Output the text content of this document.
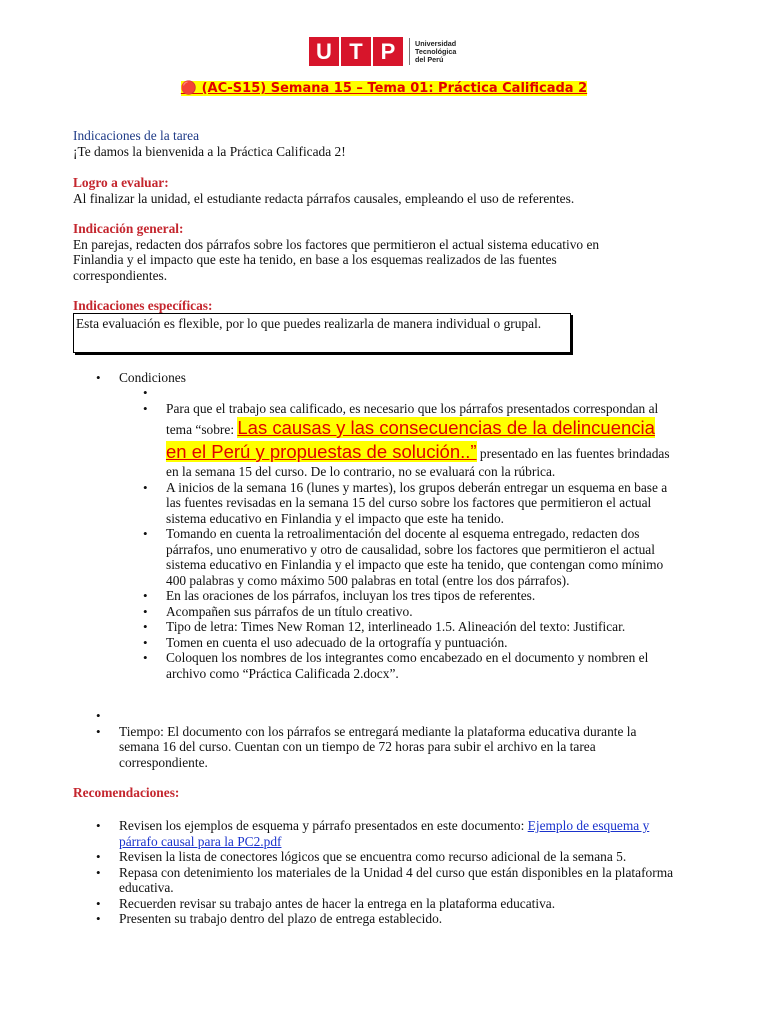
U T P	Universidad
Tecnológica
del Perú
🔴 (AC-S15) Semana 15 – Tema 01: Práctica Calificada 2
Indicaciones de la tarea
¡Te damos la bienvenida a la Práctica Calificada 2!
Logro a evaluar:
Al finalizar la unidad, el estudiante redacta párrafos causales, empleando el uso de referentes.
Indicación general:
En parejas, redacten dos párrafos sobre los factores que permitieron el actual sistema educativo en Finlandia y el impacto que este ha tenido, en base a los esquemas realizados de las fuentes correspondientes.
Indicaciones específicas:
Esta evaluación es flexible, por lo que puedes realizarla de manera individual o grupal.
• Condiciones
•
• Para que el trabajo sea calificado, es necesario que los párrafos presentados correspondan al tema “sobre: Las causas y las consecuencias de la delincuencia en el Perú y propuestas de solución..” presentado en las fuentes brindadas en la semana 15 del curso. De lo contrario, no se evaluará con la rúbrica.
• A inicios de la semana 16 (lunes y martes), los grupos deberán entregar un esquema en base a las fuentes revisadas en la semana 15 del curso sobre los factores que permitieron el actual sistema educativo en Finlandia y el impacto que este ha tenido.
• Tomando en cuenta la retroalimentación del docente al esquema entregado, redacten dos párrafos, uno enumerativo y otro de causalidad, sobre los factores que permitieron el actual sistema educativo en Finlandia y el impacto que este ha tenido, que contengan como mínimo 400 palabras y como máximo 500 palabras en total (entre los dos párrafos).
• En las oraciones de los párrafos, incluyan los tres tipos de referentes.
• Acompañen sus párrafos de un título creativo.
• Tipo de letra: Times New Roman 12, interlineado 1.5. Alineación del texto: Justificar.
• Tomen en cuenta el uso adecuado de la ortografía y puntuación.
• Coloquen los nombres de los integrantes como encabezado en el documento y nombren el archivo como “Práctica Calificada 2.docx”.
•
• Tiempo: El documento con los párrafos se entregará mediante la plataforma educativa durante la semana 16 del curso. Cuentan con un tiempo de 72 horas para subir el archivo en la tarea correspondiente.
Recomendaciones:
• Revisen los ejemplos de esquema y párrafo presentados en este documento: Ejemplo de esquema y párrafo causal para la PC2.pdf
• Revisen la lista de conectores lógicos que se encuentra como recurso adicional de la semana 5.
• Repasa con detenimiento los materiales de la Unidad 4 del curso que están disponibles en la plataforma educativa.
• Recuerden revisar su trabajo antes de hacer la entrega en la plataforma educativa.
• Presenten su trabajo dentro del plazo de entrega establecido.
